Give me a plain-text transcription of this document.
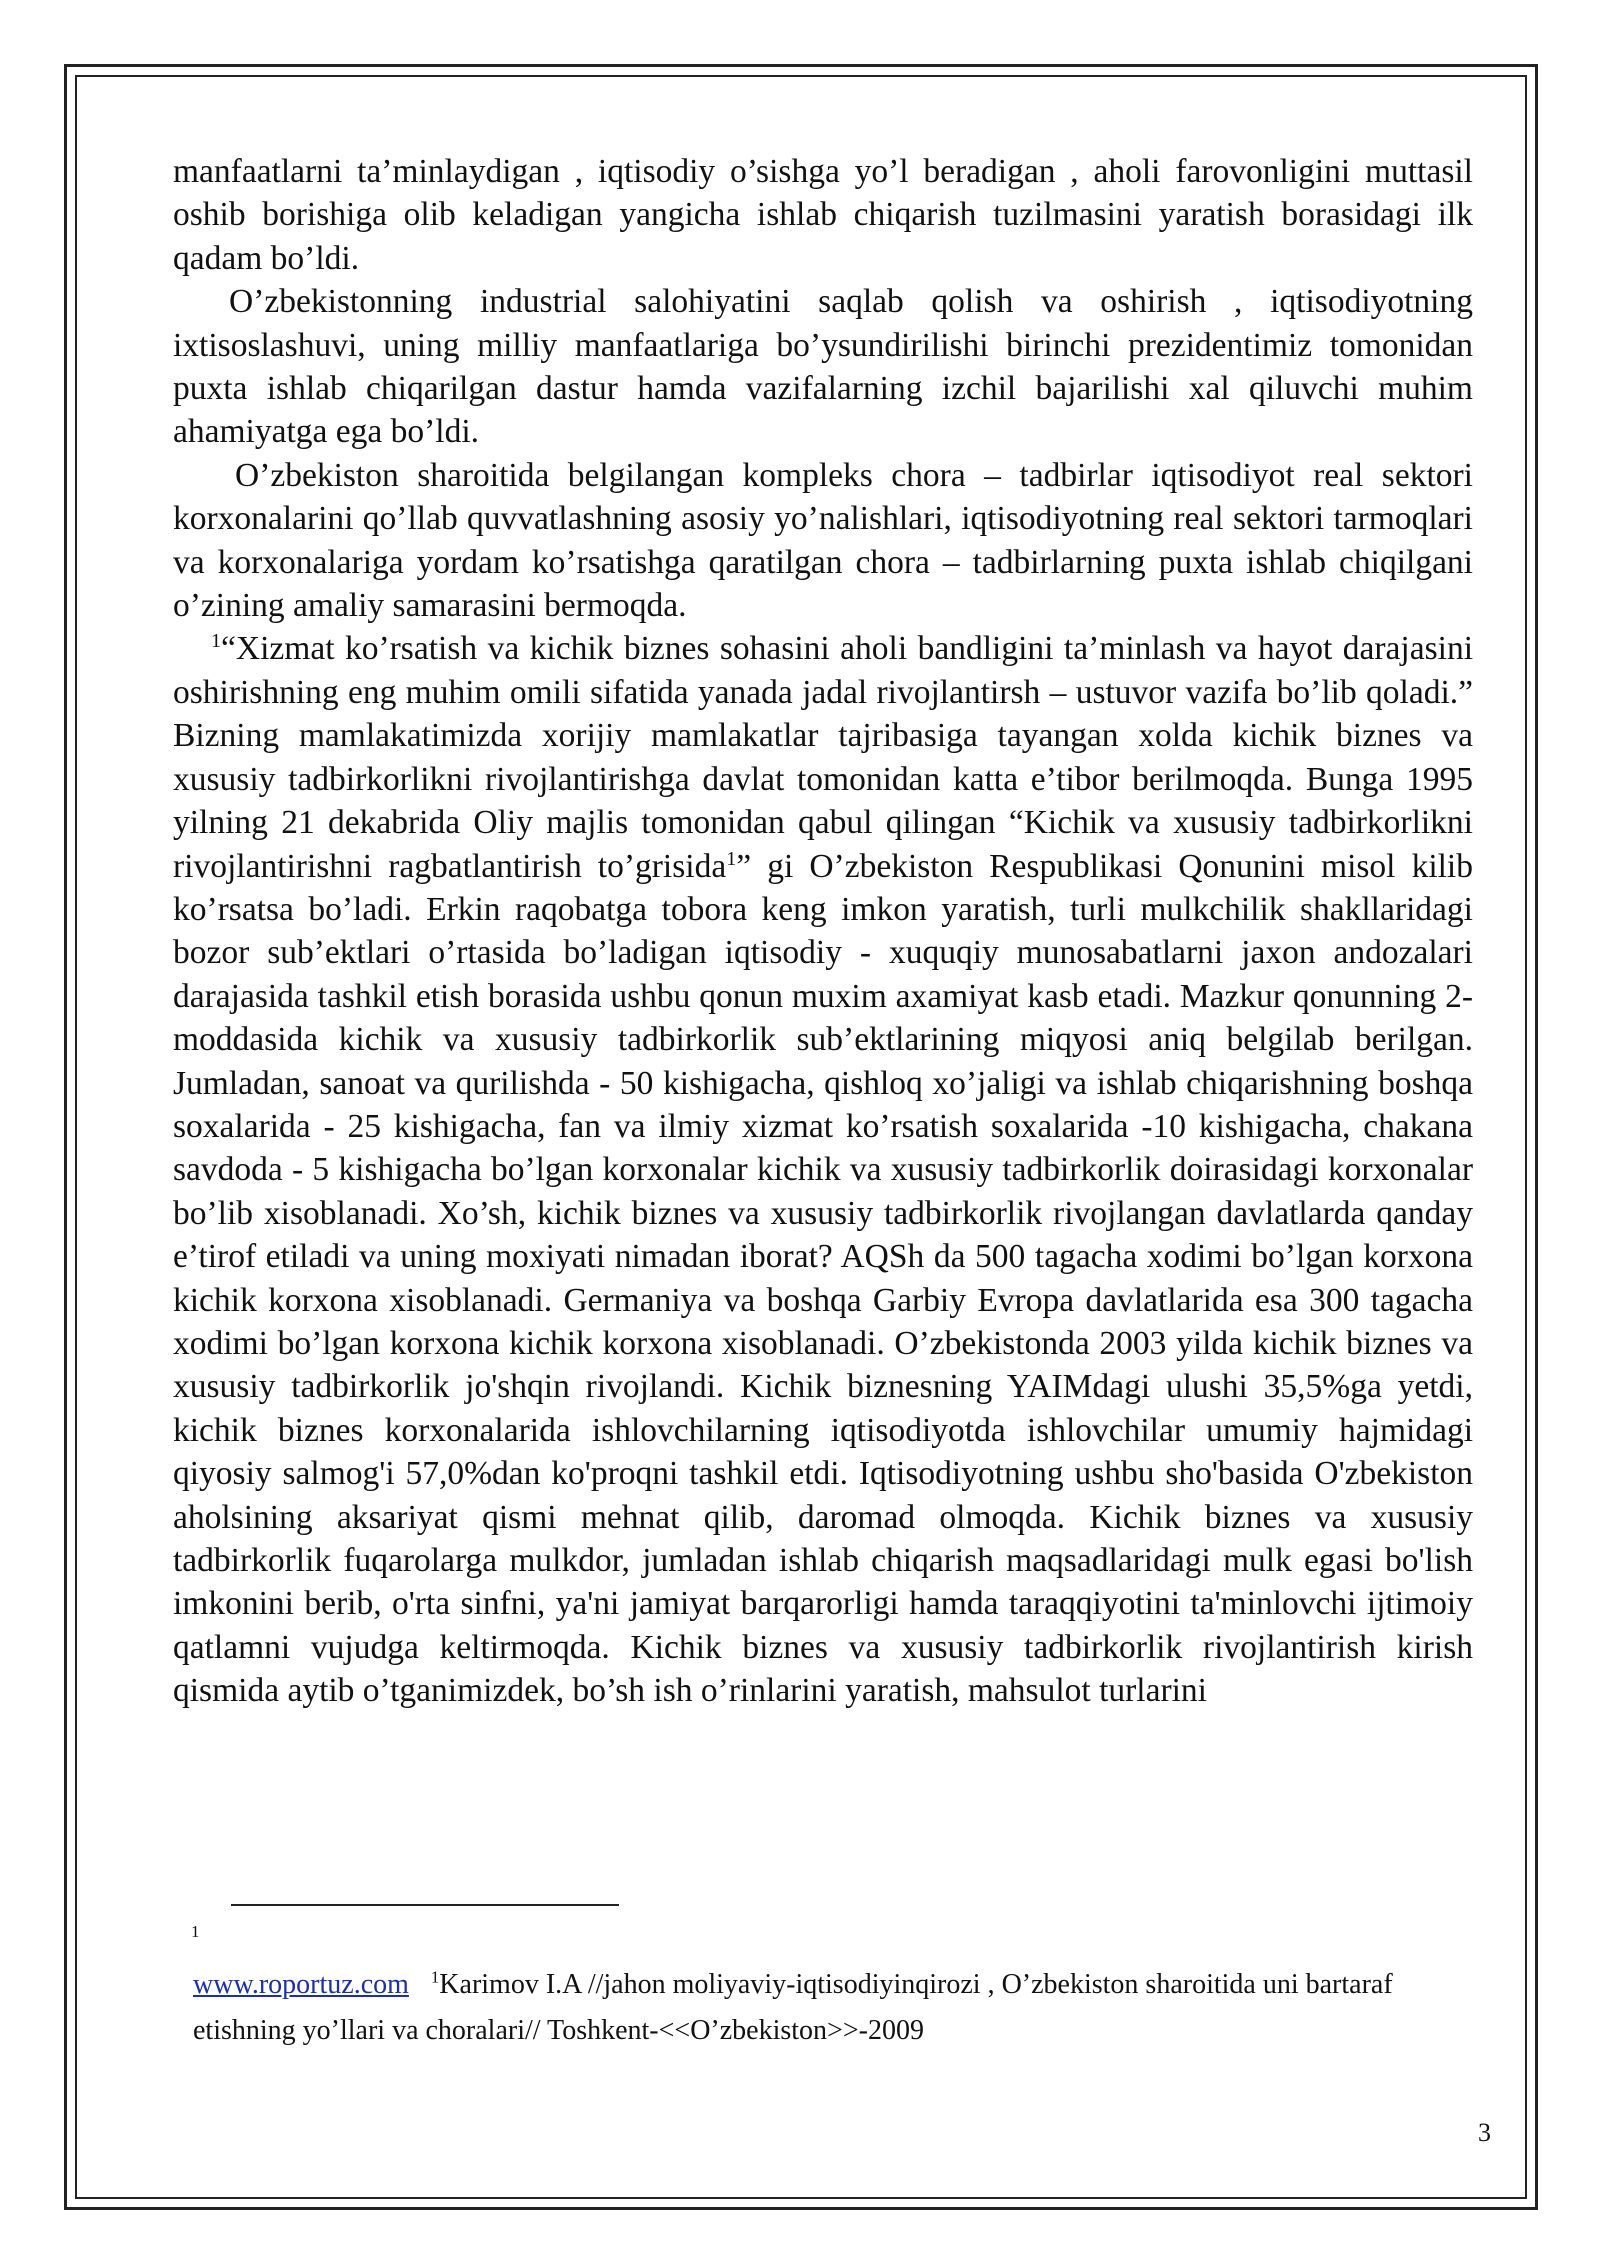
manfaatlarni ta’minlaydigan , iqtisodiy o’sishga yo’l beradigan , aholi farovonligini muttasil oshib borishiga olib keladigan yangicha ishlab chiqarish tuzilmasini yaratish borasidagi ilk qadam bo’ldi.

O’zbekistonning industrial salohiyatini saqlab qolish va oshirish , iqtisodiyotning ixtisoslashuvi, uning milliy manfaatlariga bo’ysundirilishi birinchi prezidentimiz tomonidan puxta ishlab chiqarilgan dastur hamda vazifalarning izchil bajarilishi xal qiluvchi muhim ahamiyatga ega bo’ldi.

O’zbekiston sharoitida belgilangan kompleks chora – tadbirlar iqtisodiyot real sektori korxonalarini qo’llab quvvatlashning asosiy yo’nalishlari, iqtisodiyotning real sektori tarmoqlari va korxonalariga yordam ko’rsatishga qaratilgan chora – tadbirlarning puxta ishlab chiqilgani o’zining amaliy samarasini bermoqda.

$^1$“Xizmat ko’rsatish va kichik biznes sohasini aholi bandligini ta’minlash va hayot darajasini oshirishning eng muhim omili sifatida yanada jadal rivojlantirsh – ustuvor vazifa bo’lib qoladi.” Bizning mamlakatimizda xorijiy mamlakatlar tajribasiga tayangan xolda kichik biznes va xususiy tadbirkorlikni rivojlantirishga davlat tomonidan katta e’tibor berilmoqda. Bunga 1995 yilning 21 dekabrida Oliy majlis tomonidan qabul qilingan “Kichik va xususiy tadbirkorlikni rivojlantirishni ragbatlantirish to’grisida$^1$” gi O’zbekiston Respublikasi Qonunini misol kilib ko’rsatsa bo’ladi. Erkin raqobatga tobora keng imkon yaratish, turli mulkchilik shakllaridagi bozor sub’ektlari o’rtasida bo’ladigan iqtisodiy - xuquqiy munosabatlarni jaxon andozalari darajasida tashkil etish borasida ushbu qonun muxim axamiyat kasb etadi. Mazkur qonunning 2- moddasida kichik va xususiy tadbirkorlik sub’ektlarining miqyosi aniq belgilab berilgan. Jumladan, sanoat va qurilishda - 50 kishigacha, qishloq xo’jaligi va ishlab chiqarishning boshqa soxalarida - 25 kishigacha, fan va ilmiy xizmat ko’rsatish soxalarida -10 kishigacha, chakana savdoda - 5 kishigacha bo’lgan korxonalar kichik va xususiy tadbirkorlik doirasidagi korxonalar bo’lib xisoblanadi. Xo’sh, kichik biznes va xususiy tadbirkorlik rivojlangan davlatlarda qanday e’tirof etiladi va uning moxiyati nimadan iborat? AQSh da 500 tagacha xodimi bo’lgan korxona kichik korxona xisoblanadi. Germaniya va boshqa Garbiy Evropa davlatlarida esa 300 tagacha xodimi bo’lgan korxona kichik korxona xisoblanadi. O’zbekistonda 2003 yilda kichik biznes va xususiy tadbirkorlik jo'shqin rivojlandi. Kichik biznesning YAIMdagi ulushi 35,5%ga yetdi, kichik biznes korxonalarida ishlovchilarning iqtisodiyotda ishlovchilar umumiy hajmidagi qiyosiy salmog'i 57,0%dan ko'proqni tashkil etdi. Iqtisodiyotning ushbu sho'basida O'zbekiston aholsining aksariyat qismi mehnat qilib, daromad olmoqda. Kichik biznes va xususiy tadbirkorlik fuqarolarga mulkdor, jumladan ishlab chiqarish maqsadlaridagi mulk egasi bo'lish imkonini berib, o'rta sinfni, ya'ni jamiyat barqarorligi hamda taraqqiyotini ta'minlovchi ijtimoiy qatlamni vujudga keltirmoqda. Kichik biznes va xususiy tadbirkorlik rivojlantirish kirish qismida aytib o’tganimizdek, bo’sh ish o’rinlarini yaratish, mahsulot turlarini

1
www.roportuz.com $^1$Karimov I.A //jahon moliyaviy-iqtisodiyinqirozi , O’zbekiston sharoitida uni bartaraf etishning yo’llari va choralari// Toshkent-<<O’zbekiston>>-2009
3
